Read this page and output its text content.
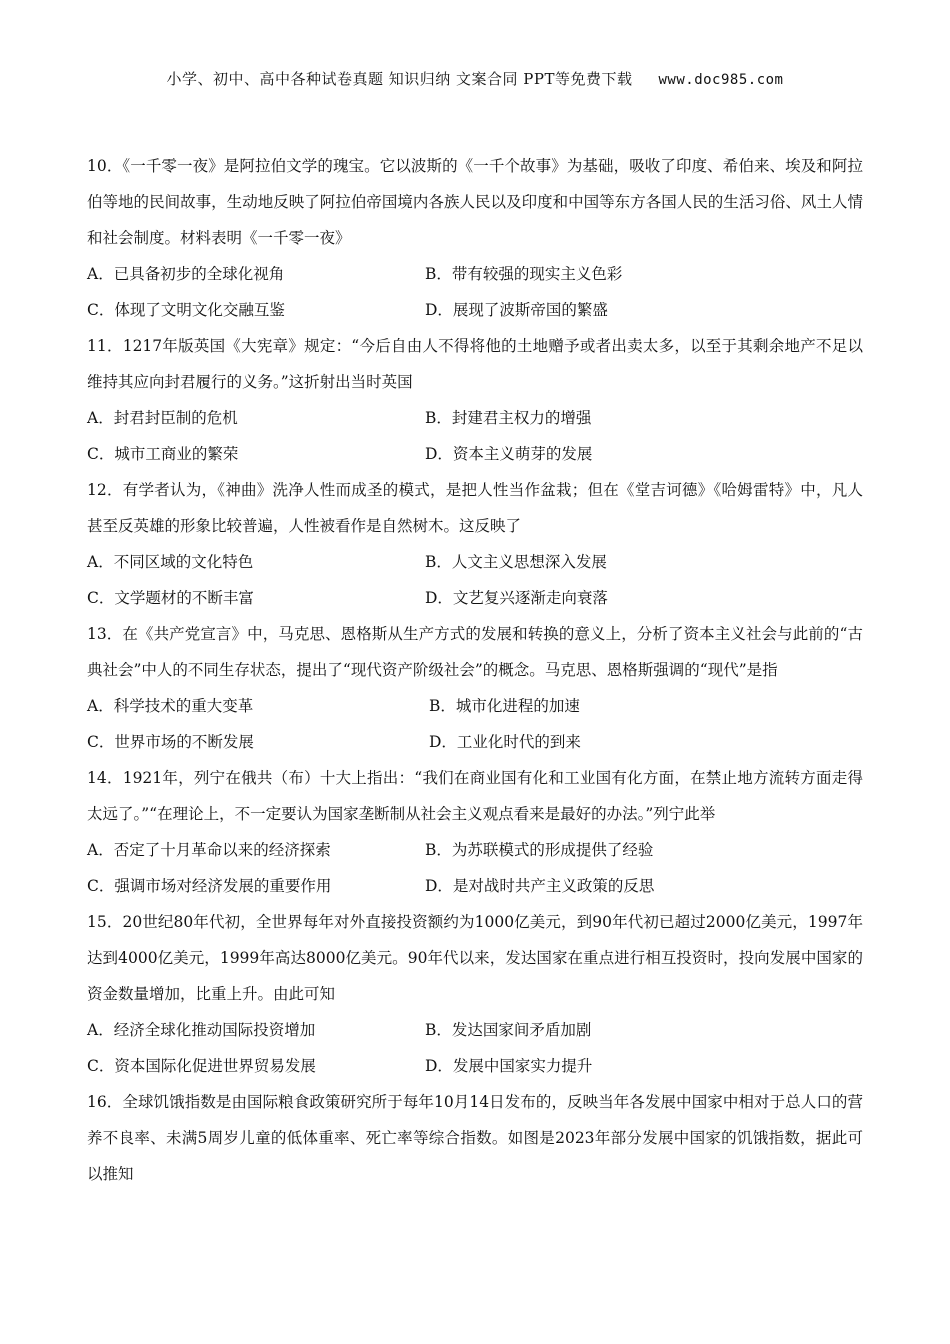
小学、初中、高中各种试卷真题 知识归纳 文案合同 PPT等免费下载 www.doc985.com

10．《一千零一夜》是阿拉伯文学的瑰宝。它以波斯的《一千个故事》为基础，吸收了印度、希伯来、埃及和阿拉伯等地的民间故事，生动地反映了阿拉伯帝国境内各族人民以及印度和中国等东方各国人民的生活习俗、风土人情和社会制度。材料表明《一千零一夜》

A．已具备初步的全球化视角	B．带有较强的现实主义色彩
C．体现了文明文化交融互鉴	D．展现了波斯帝国的繁盛

11．1217年版英国《大宪章》规定：“今后自由人不得将他的土地赠予或者出卖太多，以至于其剩余地产不足以维持其应向封君履行的义务。”这折射出当时英国

A．封君封臣制的危机	B．封建君主权力的增强
C．城市工商业的繁荣	D．资本主义萌芽的发展

12．有学者认为，《神曲》洗净人性而成圣的模式，是把人性当作盆栽；但在《堂吉诃德》《哈姆雷特》中，凡人甚至反英雄的形象比较普遍，人性被看作是自然树木。这反映了

A．不同区域的文化特色	B．人文主义思想深入发展
C．文学题材的不断丰富	D．文艺复兴逐渐走向衰落

13．在《共产党宣言》中，马克思、恩格斯从生产方式的发展和转换的意义上，分析了资本主义社会与此前的“古典社会”中人的不同生存状态，提出了“现代资产阶级社会”的概念。马克思、恩格斯强调的“现代”是指

A．科学技术的重大变革	B．城市化进程的加速
C．世界市场的不断发展	D．工业化时代的到来

14．1921年，列宁在俄共（布）十大上指出：“我们在商业国有化和工业国有化方面，在禁止地方流转方面走得太远了。”“在理论上，不一定要认为国家垄断制从社会主义观点看来是最好的办法。”列宁此举

A．否定了十月革命以来的经济探索	B．为苏联模式的形成提供了经验
C．强调市场对经济发展的重要作用	D．是对战时共产主义政策的反思

15．20世纪80年代初，全世界每年对外直接投资额约为1000亿美元，到90年代初已超过2000亿美元，1997年达到4000亿美元，1999年高达8000亿美元。90年代以来，发达国家在重点进行相互投资时，投向发展中国家的资金数量增加，比重上升。由此可知

A．经济全球化推动国际投资增加	B．发达国家间矛盾加剧
C．资本国际化促进世界贸易发展	D．发展中国家实力提升

16．全球饥饿指数是由国际粮食政策研究所于每年10月14日发布的，反映当年各发展中国家中相对于总人口的营养不良率、未满5周岁儿童的低体重率、死亡率等综合指数。如图是2023年部分发展中国家的饥饿指数，据此可以推知
